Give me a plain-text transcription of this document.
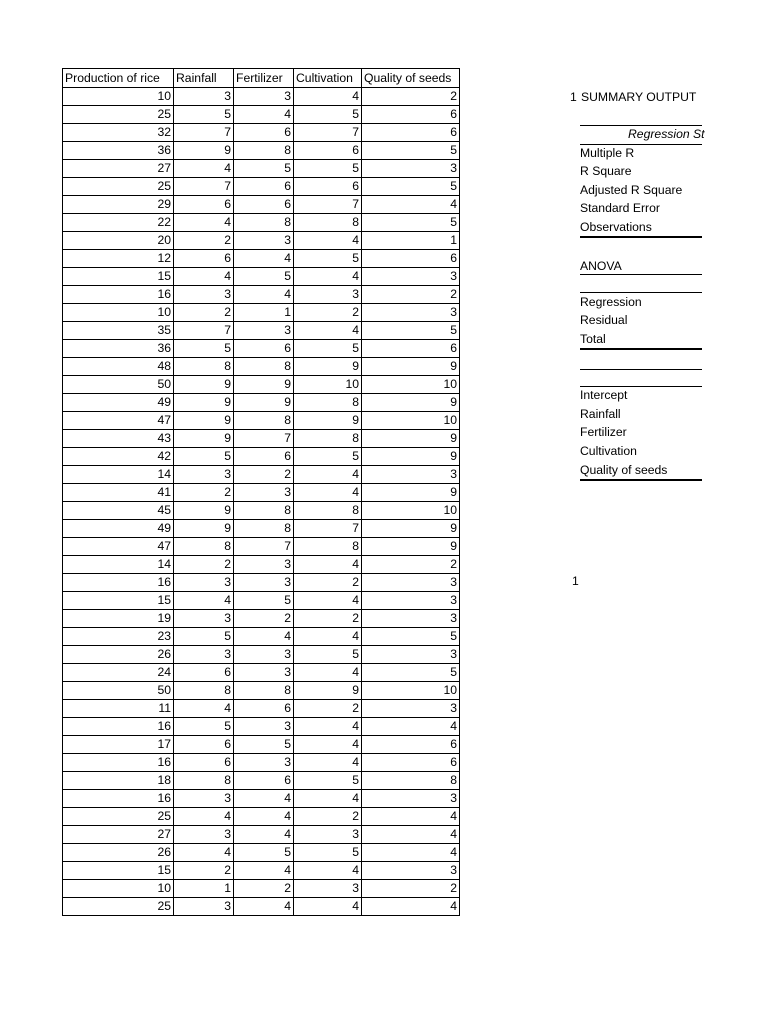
Production of rice	Rainfall	Fertilizer	Cultivation	Quality of seeds
10	3	3	4	2
25	5	4	5	6
32	7	6	7	6
36	9	8	6	5
27	4	5	5	3
25	7	6	6	5
29	6	6	7	4
22	4	8	8	5
20	2	3	4	1
12	6	4	5	6
15	4	5	4	3
16	3	4	3	2
10	2	1	2	3
35	7	3	4	5
36	5	6	5	6
48	8	8	9	9
50	9	9	10	10
49	9	9	8	9
47	9	8	9	10
43	9	7	8	9
42	5	6	5	9
14	3	2	4	3
41	2	3	4	9
45	9	8	8	10
49	9	8	7	9
47	8	7	8	9
14	2	3	4	2
16	3	3	2	3
15	4	5	4	3
19	3	2	2	3
23	5	4	4	5
26	3	3	5	3
24	6	3	4	5
50	8	8	9	10
11	4	6	2	3
16	5	3	4	4
17	6	5	4	6
16	6	3	4	6
18	8	6	5	8
16	3	4	4	3
25	4	4	2	4
27	3	4	3	4
26	4	5	5	4
15	2	4	4	3
10	1	2	3	2
25	3	4	4	4
1 SUMMARY OUTPUT
Regression St
Multiple R
R Square
Adjusted R Square
Standard Error
Observations
ANOVA
Regression
Residual
Total
Intercept
Rainfall
Fertilizer
Cultivation
Quality of seeds
1
